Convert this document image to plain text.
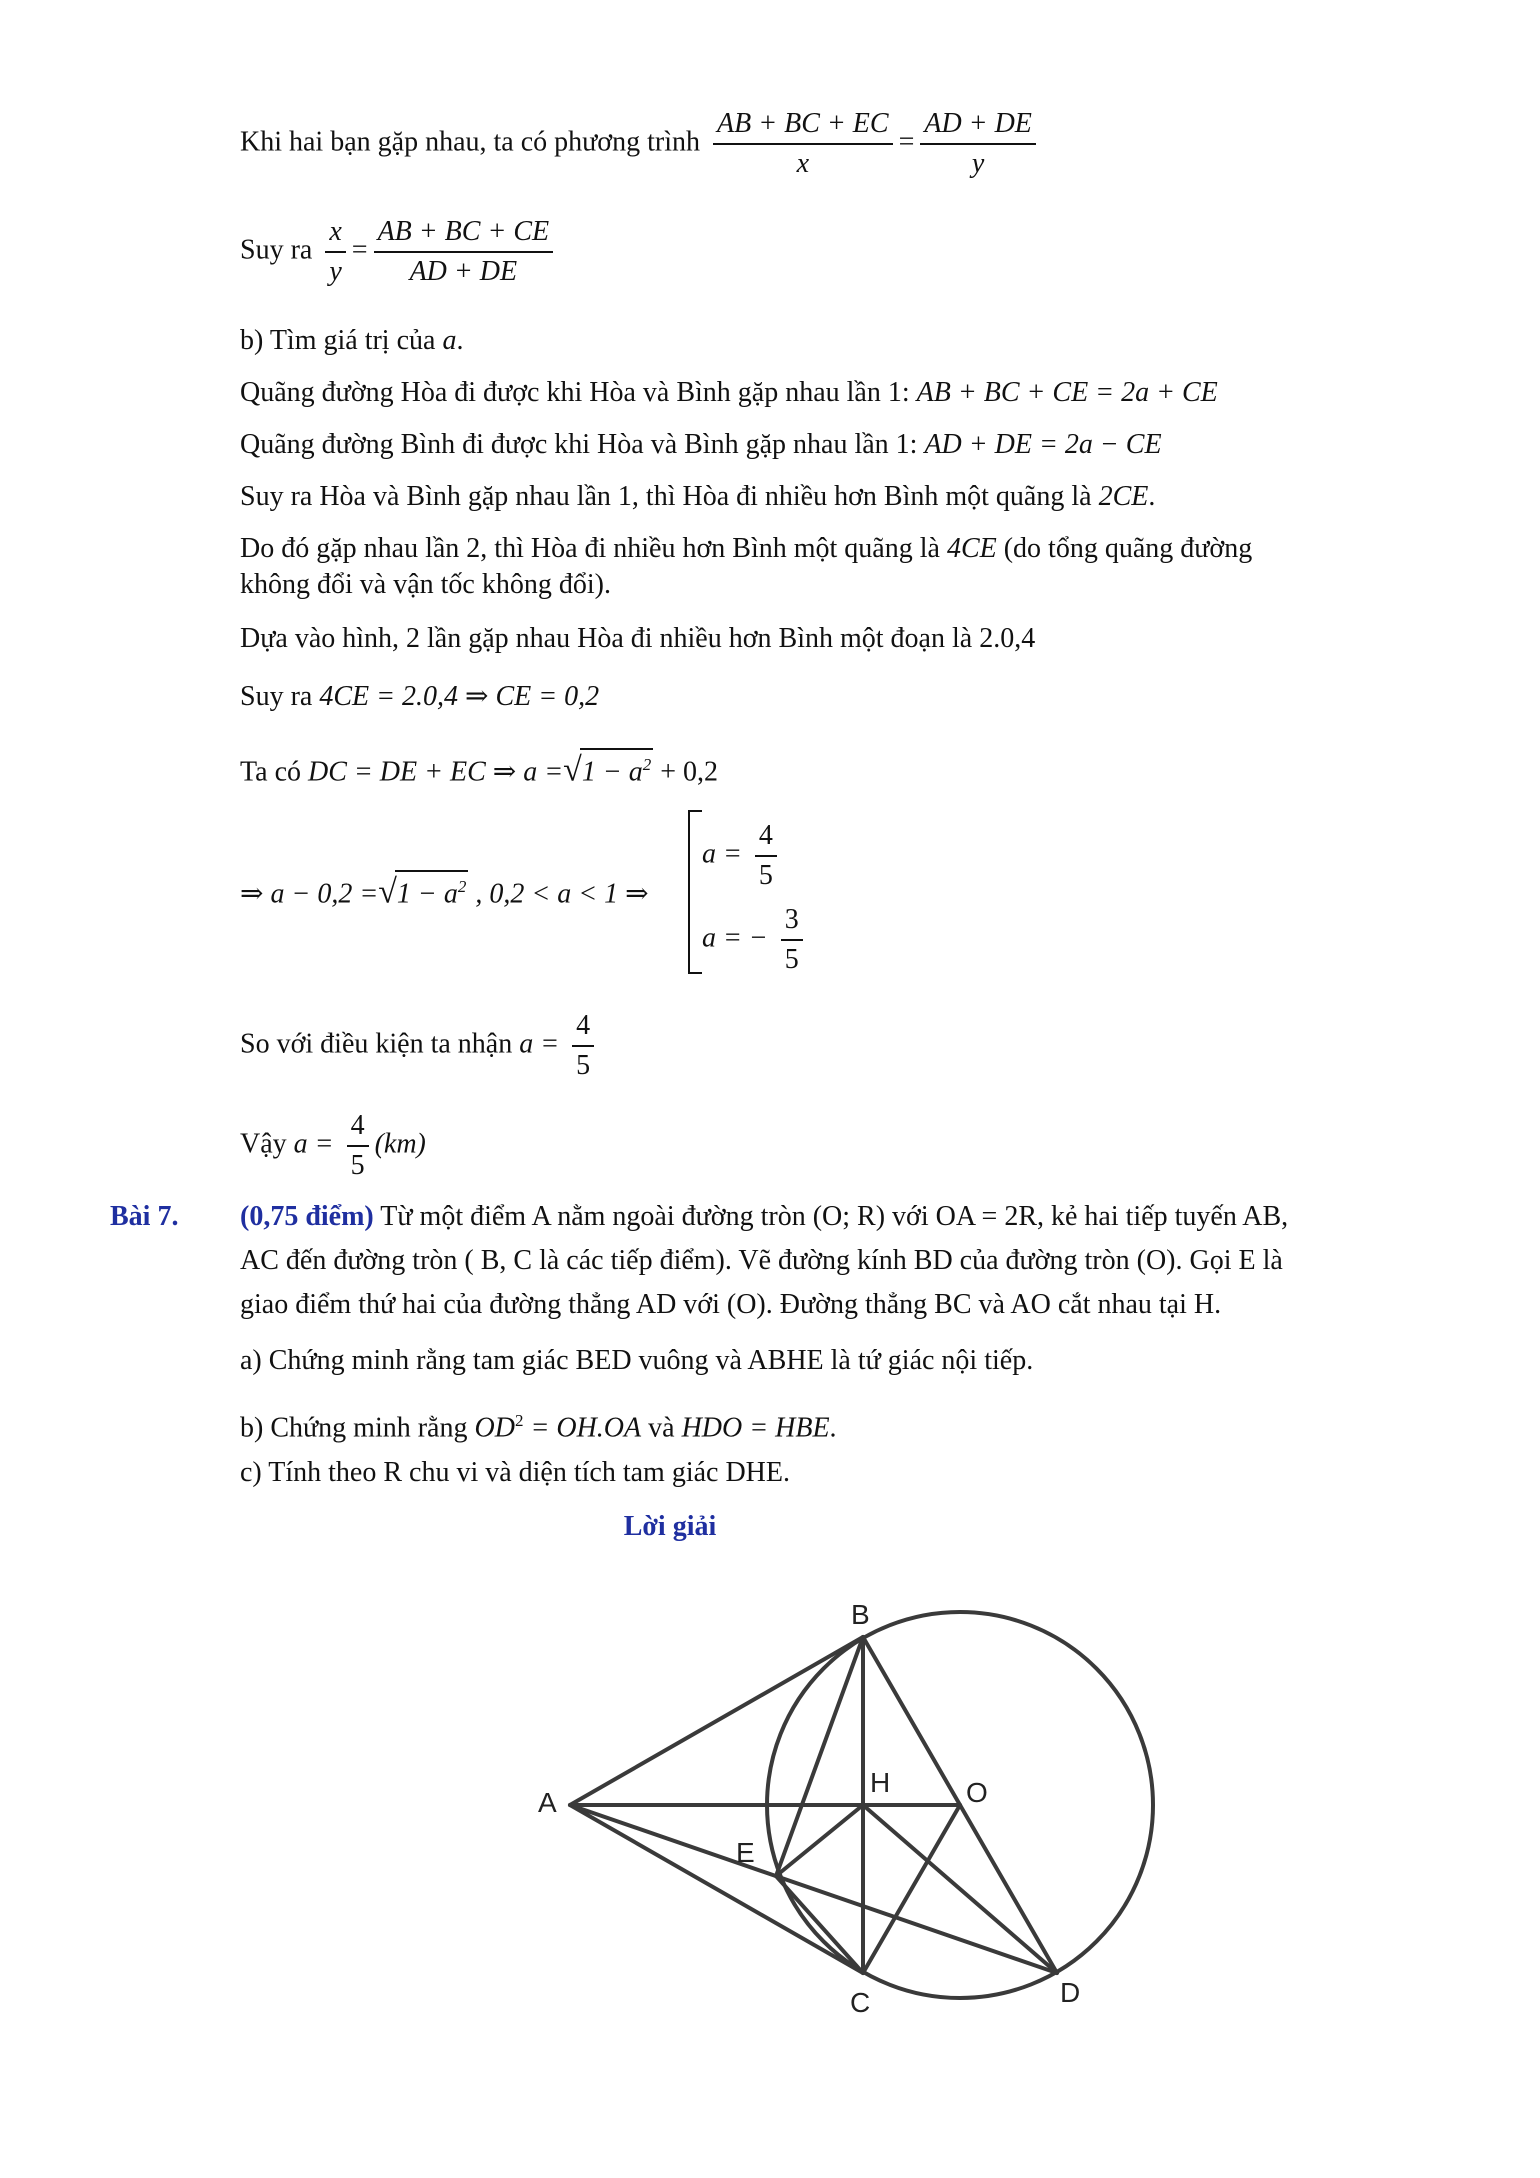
Khi hai bạn gặp nhau, ta có phương trình $\frac{AB + BC + EC}{x} = \frac{AD + DE}{y}$
Suy ra $\frac{x}{y} = \frac{AB + BC + CE}{AD + DE}$
b) Tìm giá trị của a.
Quãng đường Hòa đi được khi Hòa và Bình gặp nhau lần 1: AB + BC + CE = 2a + CE
Quãng đường Bình đi được khi Hòa và Bình gặp nhau lần 1: AD + DE = 2a − CE
Suy ra Hòa và Bình gặp nhau lần 1, thì Hòa đi nhiều hơn Bình một quãng là 2CE.
Do đó gặp nhau lần 2, thì Hòa đi nhiều hơn Bình một quãng là 4CE (do tổng quãng đường
không đổi và vận tốc không đổi).
Dựa vào hình, 2 lần gặp nhau Hòa đi nhiều hơn Bình một đoạn là 2.0,4
Suy ra 4CE = 2.0,4 ⇒ CE = 0,2
Ta có DC = DE + EC ⇒ $a =√1 - a^2 + 0,2$
⇒ $a - 0,2 =√1 - a^2$ , 0,2 < a < 1 ⇒
$a = \frac{4}{5}$
a = − $\frac{3}{5}$
So với điều kiện ta nhận $a = \frac{4}{5}$
Vậy $a = \frac{4}{5} (km)$
Bài 7. (0,75 điểm) Từ một điểm A nằm ngoài đường tròn (O; R) với OA = 2R, kẻ hai tiếp tuyến AB,
AC đến đường tròn ( B, C là các tiếp điểm). Vẽ đường kính BD của đường tròn (O). Gọi E là
giao điểm thứ hai của đường thẳng AD với (O). Đường thẳng BC và AO cắt nhau tại H.
a) Chứng minh rằng tam giác BED vuông và ABHE là tứ giác nội tiếp.
b) Chứng minh rằng $OD^2 = OH.OA$ và HDO = HBE.
c) Tính theo R chu vi và diện tích tam giác DHE.
Lời giải
A
B
C	D
E
H	O
